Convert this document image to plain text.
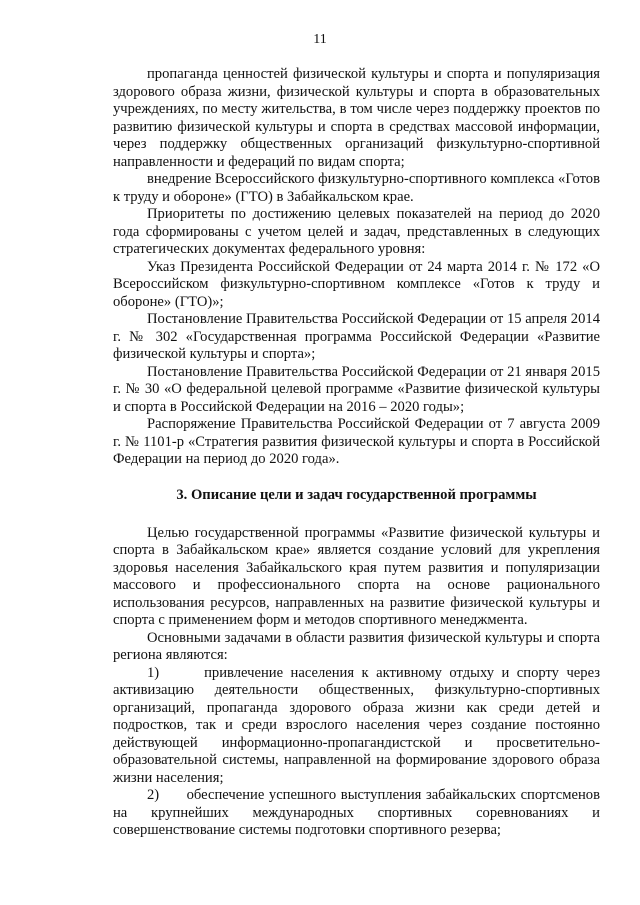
11

пропаганда ценностей физической культуры и спорта и популяризация здорового образа жизни, физической культуры и спорта в образовательных учреждениях, по месту жительства, в том числе через поддержку проектов по развитию физической культуры и спорта в средствах массовой информации, через поддержку общественных организаций физкультурно-спортивной направленности и федераций по видам спорта;

внедрение Всероссийского физкультурно-спортивного комплекса «Готов к труду и обороне» (ГТО) в Забайкальском крае.

Приоритеты по достижению целевых показателей на период до 2020 года сформированы с учетом целей и задач, представленных в следующих стратегических документах федерального уровня:

Указ Президента Российской Федерации от 24 марта 2014 г. № 172 «О Всероссийском физкультурно-спортивном комплексе «Готов к труду и обороне» (ГТО)»;

Постановление Правительства Российской Федерации от 15 апреля 2014 г. № 302 «Государственная программа Российской Федерации «Развитие физической культуры и спорта»;

Постановление Правительства Российской Федерации от 21 января 2015 г. № 30 «О федеральной целевой программе «Развитие физической культуры и спорта в Российской Федерации на 2016 – 2020 годы»;

Распоряжение Правительства Российской Федерации от 7 августа 2009 г. № 1101-р «Стратегия развития физической культуры и спорта в Российской Федерации на период до 2020 года».

3. Описание цели и задач государственной программы

Целью государственной программы «Развитие физической культуры и спорта в Забайкальском крае» является создание условий для укрепления здоровья населения Забайкальского края путем развития и популяризации массового и профессионального спорта на основе рационального использования ресурсов, направленных на развитие физической культуры и спорта с применением форм и методов спортивного менеджмента.

Основными задачами в области развития физической культуры и спорта региона являются:

1)      привлечение населения к активному отдыху и спорту через активизацию деятельности общественных, физкультурно-спортивных организаций, пропаганда здорового образа жизни как среди детей и подростков, так и среди взрослого населения через создание постоянно действующей информационно-пропагандистской и просветительно-образовательной системы, направленной на формирование здорового образа жизни населения;

2)      обеспечение успешного выступления забайкальских спортсменов на крупнейших международных спортивных соревнованиях и совершенствование системы подготовки спортивного резерва;
